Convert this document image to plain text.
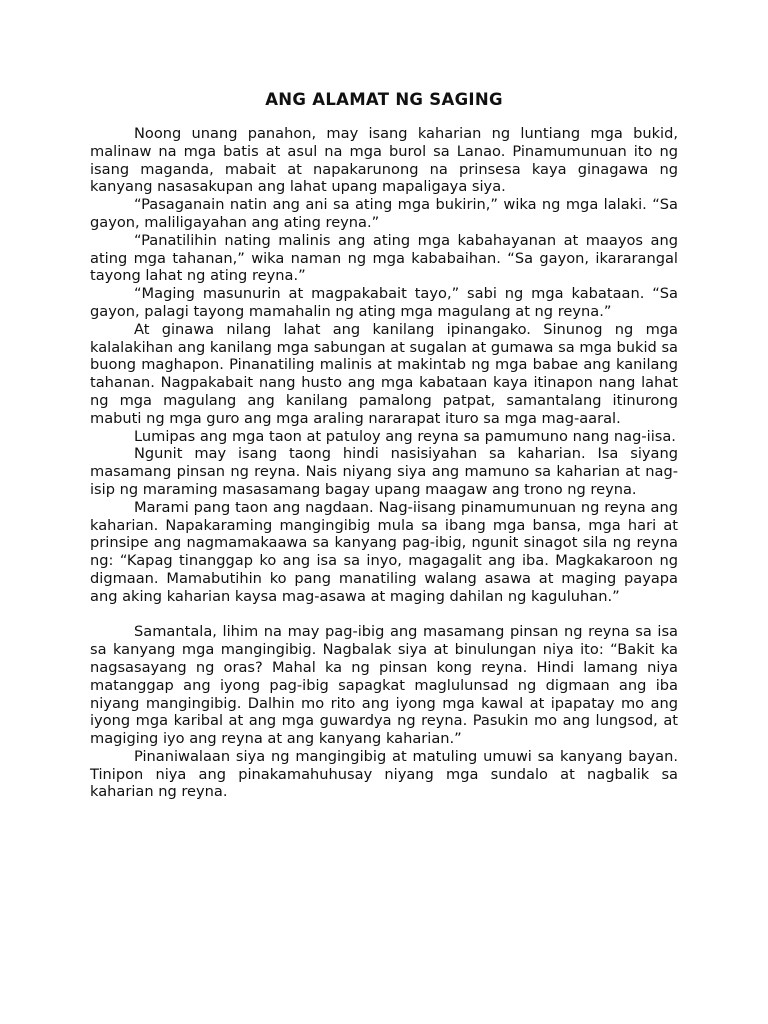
ANG ALAMAT NG SAGING

Noong unang panahon, may isang kaharian ng luntiang mga bukid, malinaw na mga batis at asul na mga burol sa Lanao. Pinamumunuan ito ng isang maganda, mabait at napakarunong na prinsesa kaya ginagawa ng kanyang nasasakupan ang lahat upang mapaligaya siya.

“Pasaganain natin ang ani sa ating mga bukirin,” wika ng mga lalaki. “Sa gayon, maliligayahan ang ating reyna.”

“Panatilihin nating malinis ang ating mga kabahayanan at maayos ang ating mga tahanan,” wika naman ng mga kababaihan. “Sa gayon, ikararangal tayong lahat ng ating reyna.”

“Maging masunurin at magpakabait tayo,” sabi ng mga kabataan. “Sa gayon, palagi tayong mamahalin ng ating mga magulang at ng reyna.”

At ginawa nilang lahat ang kanilang ipinangako. Sinunog ng mga kalalakihan ang kanilang mga sabungan at sugalan at gumawa sa mga bukid sa buong maghapon. Pinanatiling malinis at makintab ng mga babae ang kanilang tahanan. Nagpakabait nang husto ang mga kabataan kaya itinapon nang lahat ng mga magulang ang kanilang pamalong patpat, samantalang itinurong mabuti ng mga guro ang mga araling nararapat ituro sa mga mag-aaral.

Lumipas ang mga taon at patuloy ang reyna sa pamumuno nang nag-iisa.

Ngunit may isang taong hindi nasisiyahan sa kaharian. Isa siyang masamang pinsan ng reyna. Nais niyang siya ang mamuno sa kaharian at nag-isip ng maraming masasamang bagay upang maagaw ang trono ng reyna.

Marami pang taon ang nagdaan. Nag-iisang pinamumunuan ng reyna ang kaharian. Napakaraming mangingibig mula sa ibang mga bansa, mga hari at prinsipe ang nagmamakaawa sa kanyang pag-ibig, ngunit sinagot sila ng reyna ng: “Kapag tinanggap ko ang isa sa inyo, magagalit ang iba. Magkakaroon ng digmaan. Mamabutihin ko pang manatiling walang asawa at maging payapa ang aking kaharian kaysa mag-asawa at maging dahilan ng kaguluhan.”

Samantala, lihim na may pag-ibig ang masamang pinsan ng reyna sa isa sa kanyang mga mangingibig. Nagbalak siya at binulungan niya ito: “Bakit ka nagsasayang ng oras? Mahal ka ng pinsan kong reyna. Hindi lamang niya matanggap ang iyong pag-ibig sapagkat maglulunsad ng digmaan ang iba niyang mangingibig. Dalhin mo rito ang iyong mga kawal at ipapatay mo ang iyong mga karibal at ang mga guwardya ng reyna. Pasukin mo ang lungsod, at magiging iyo ang reyna at ang kanyang kaharian.”

Pinaniwalaan siya ng mangingibig at matuling umuwi sa kanyang bayan. Tinipon niya ang pinakamahuhusay niyang mga sundalo at nagbalik sa kaharian ng reyna.
